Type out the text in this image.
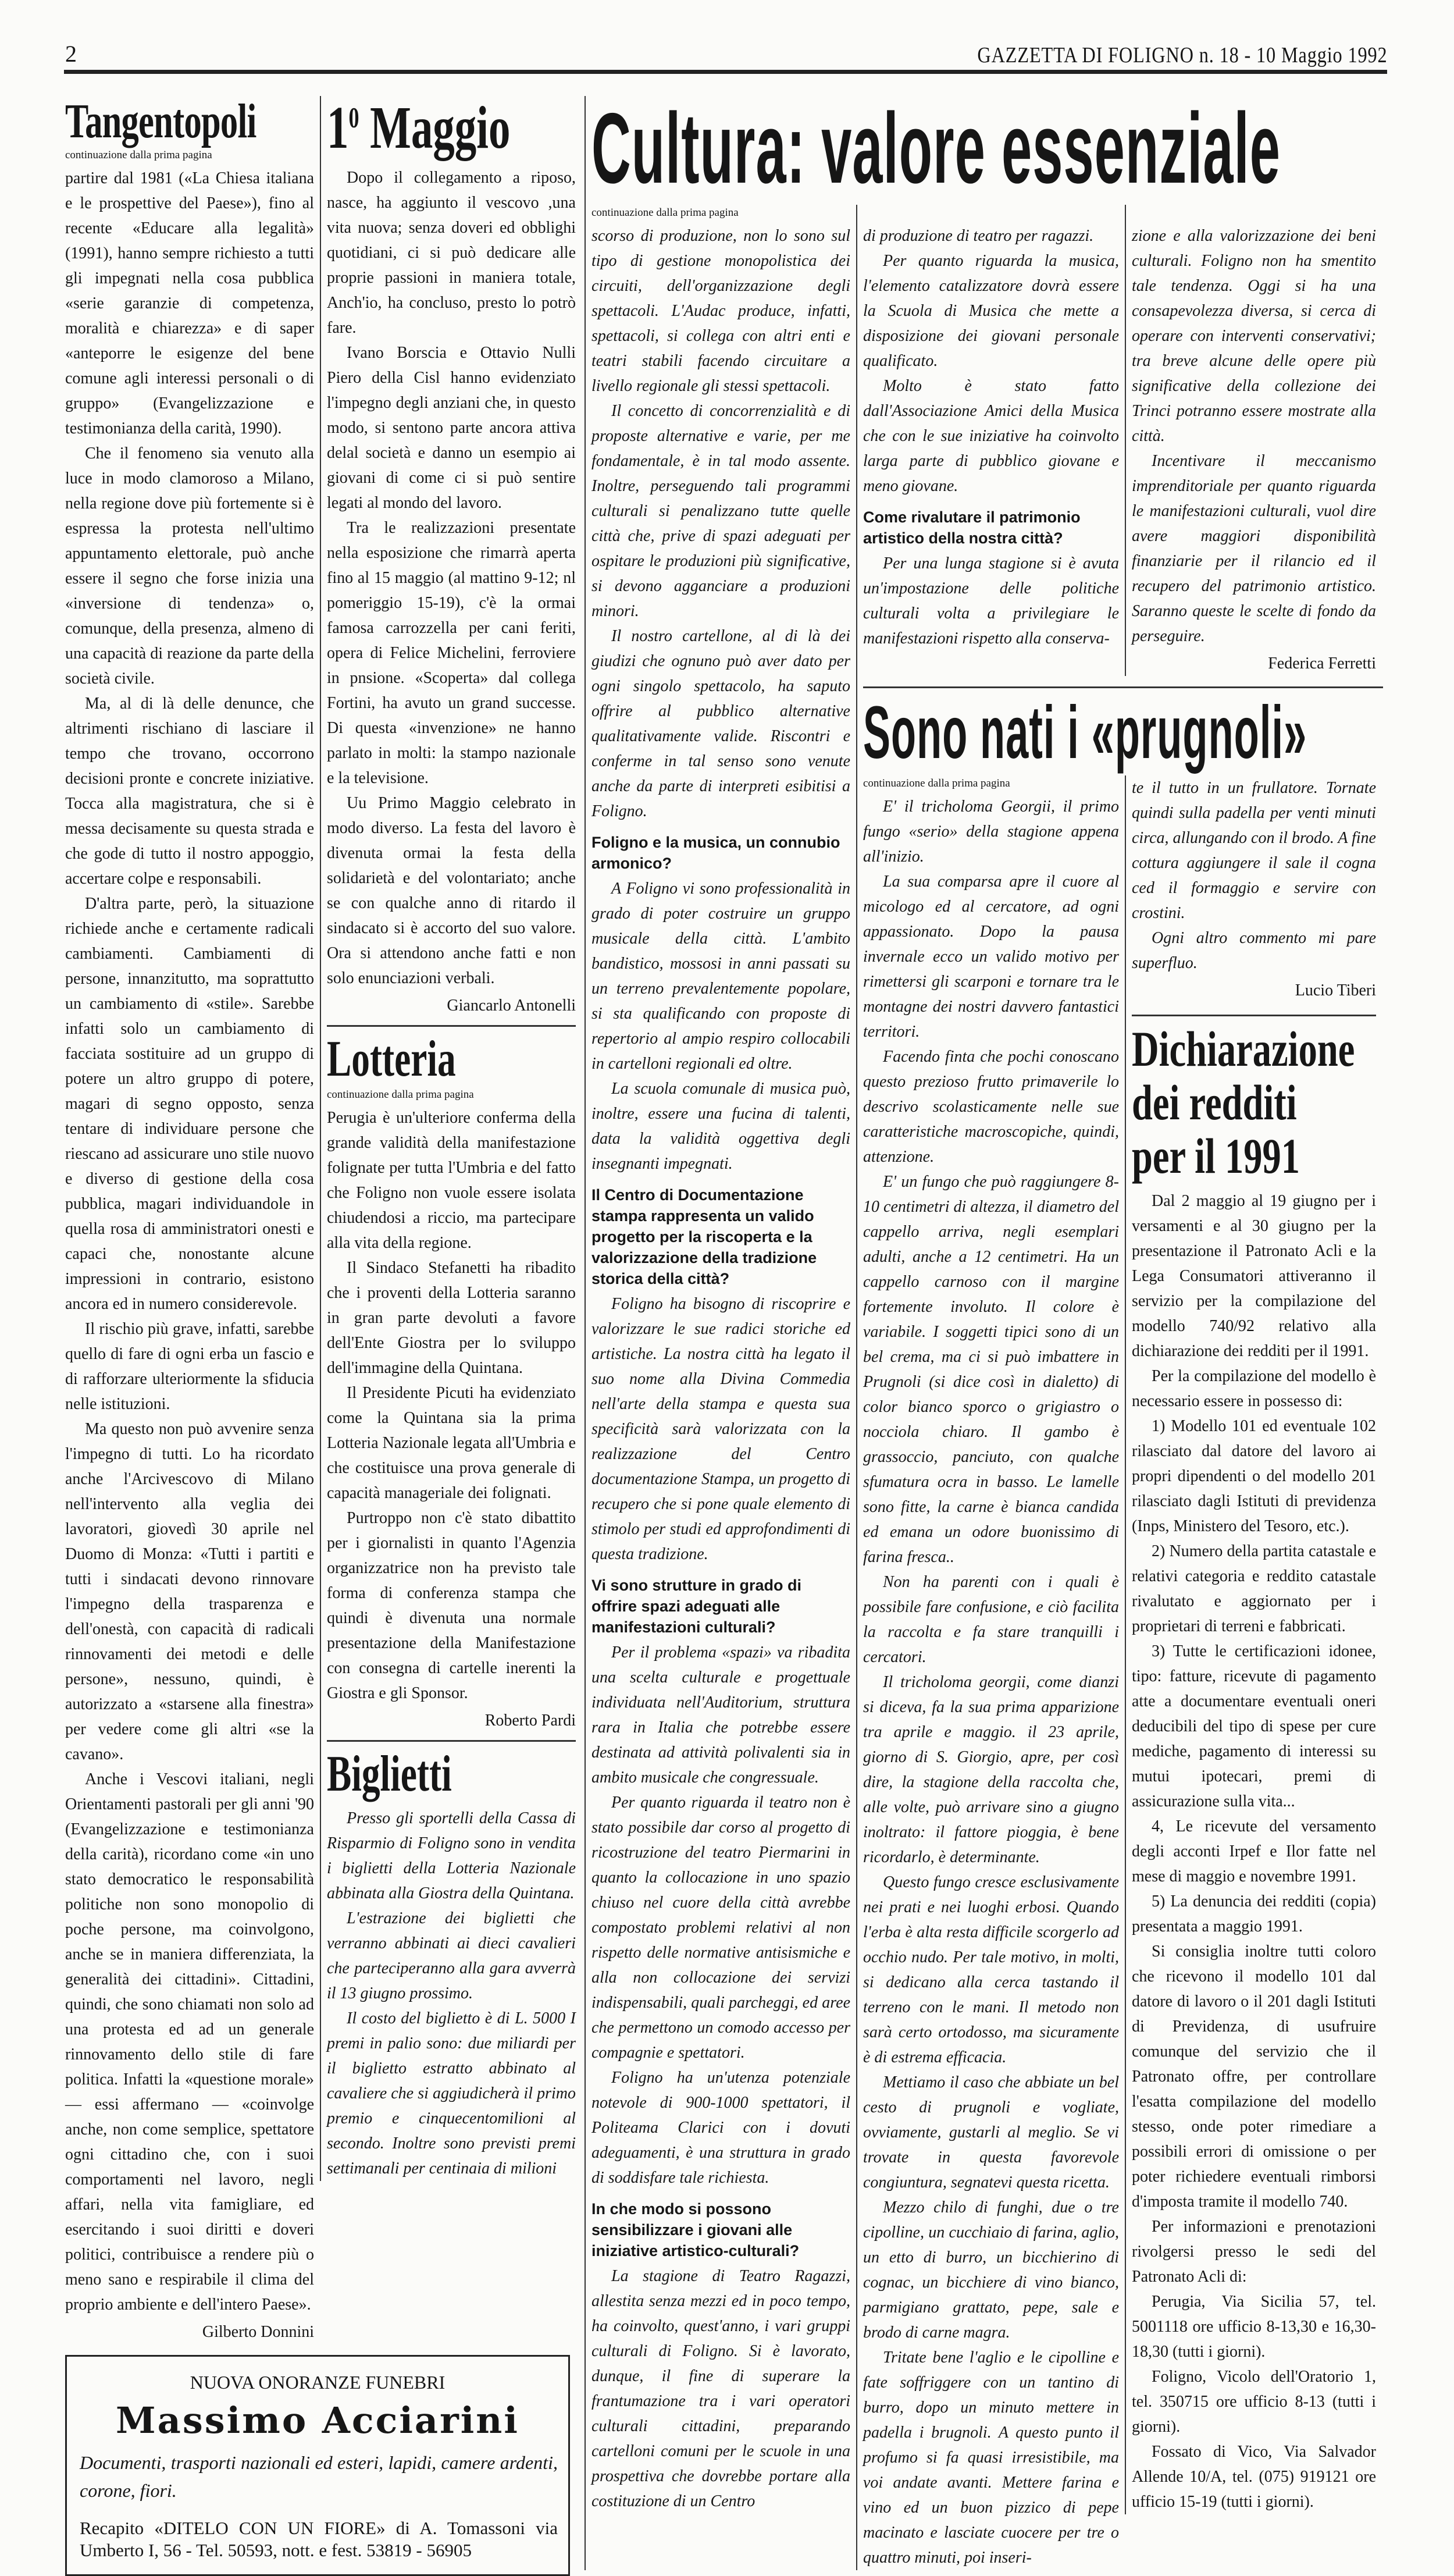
2	GAZZETTA DI FOLIGNO n. 18 - 10 Maggio 1992
Tangentopoli

continuazione dalla prima pagina

partire dal 1981 («La Chiesa italiana e le prospettive del Paese»), fino al recente «Educare alla legalità» (1991), hanno sempre richiesto a tutti gli impegnati nella cosa pubblica «serie garanzie di competenza, moralità e chiarezza» e di saper «anteporre le esigenze del bene comune agli interessi personali o di gruppo» (Evangelizzazione e testimonianza della carità, 1990).

Che il fenomeno sia venuto alla luce in modo clamoroso a Milano, nella regione dove più fortemente si è espressa la protesta nell'ultimo appuntamento elettorale, può anche essere il segno che forse inizia una «inversione di tendenza» o, comunque, della presenza, almeno di una capacità di reazione da parte della società civile.

Ma, al di là delle denunce, che altrimenti rischiano di lasciare il tempo che trovano, occorrono decisioni pronte e concrete iniziative. Tocca alla magistratura, che si è messa decisamente su questa strada e che gode di tutto il nostro appoggio, accertare colpe e responsabili.

D'altra parte, però, la situazione richiede anche e certamente radicali cambiamenti. Cambiamenti di persone, innanzitutto, ma soprattutto un cambiamento di «stile». Sarebbe infatti solo un cambiamento di facciata sostituire ad un gruppo di potere un altro gruppo di potere, magari di segno opposto, senza tentare di individuare persone che riescano ad assicurare uno stile nuovo e diverso di gestione della cosa pubblica, magari individuandole in quella rosa di amministratori onesti e capaci che, nonostante alcune impressioni in contrario, esistono ancora ed in numero considerevole.

Il rischio più grave, infatti, sarebbe quello di fare di ogni erba un fascio e di rafforzare ulteriormente la sfiducia nelle istituzioni.

Ma questo non può avvenire senza l'impegno di tutti. Lo ha ricordato anche l'Arcivescovo di Milano nell'intervento alla veglia dei lavoratori, giovedì 30 aprile nel Duomo di Monza: «Tutti i partiti e tutti i sindacati devono rinnovare l'impegno della trasparenza e dell'onestà, con capacità di radicali rinnovamenti dei metodi e delle persone», nessuno, quindi, è autorizzato a «starsene alla finestra» per vedere come gli altri «se la cavano».

Anche i Vescovi italiani, negli Orientamenti pastorali per gli anni '90 (Evangelizzazione e testimonianza della carità), ricordano come «in uno stato democratico le responsabilità politiche non sono monopolio di poche persone, ma coinvolgono, anche se in maniera differenziata, la generalità dei cittadini». Cittadini, quindi, che sono chiamati non solo ad una protesta ed ad un generale rinnovamento dello stile di fare politica. Infatti la «questione morale» — essi affermano — «coinvolge anche, non come semplice, spettatore ogni cittadino che, con i suoi comportamenti nel lavoro, negli affari, nella vita famigliare, ed esercitando i suoi diritti e doveri politici, contribuisce a rendere più o meno sano e respirabile il clima del proprio ambiente e dell'intero Paese».

Gilberto Donnini

$1^0$ Maggio

Dopo il collegamento a riposo, nasce, ha aggiunto il vescovo ,una vita nuova; senza doveri ed obblighi quotidiani, ci si può dedicare alle proprie passioni in maniera totale, Anch'io, ha concluso, presto lo potrò fare.

Ivano Borscia e Ottavio Nulli Piero della Cisl hanno evidenziato l'impegno degli anziani che, in questo modo, si sentono parte ancora attiva delal società e danno un esempio ai giovani di come ci si può sentire legati al mondo del lavoro.

Tra le realizzazioni presentate nella esposizione che rimarrà aperta fino al 15 maggio (al mattino 9-12; nl pomeriggio 15-19), c'è la ormai famosa carrozzella per cani feriti, opera di Felice Michelini, ferroviere in pnsione. «Scoperta» dal collega Fortini, ha avuto un grand successe. Di questa «invenzione» ne hanno parlato in molti: la stampo nazionale e la televisione.

Uu Primo Maggio celebrato in modo diverso. La festa del lavoro è divenuta ormai la festa della solidarietà e del volontariato; anche se con qualche anno di ritardo il sindacato si è accorto del suo valore. Ora si attendono anche fatti e non solo enunciazioni verbali.

Giancarlo Antonelli

Lotteria

continuazione dalla prima pagina

Perugia è un'ulteriore conferma della grande validità della manifestazione folignate per tutta l'Umbria e del fatto che Foligno non vuole essere isolata chiudendosi a riccio, ma partecipare alla vita della regione.

Il Sindaco Stefanetti ha ribadito che i proventi della Lotteria saranno in gran parte devoluti a favore dell'Ente Giostra per lo sviluppo dell'immagine della Quintana.

Il Presidente Picuti ha evidenziato come la Quintana sia la prima Lotteria Nazionale legata all'Umbria e che costituisce una prova generale di capacità manageriale dei folignati.

Purtroppo non c'è stato dibattito per i giornalisti in quanto l'Agenzia organizzatrice non ha previsto tale forma di conferenza stampa che quindi è divenuta una normale presentazione della Manifestazione con consegna di cartelle inerenti la Giostra e gli Sponsor.

Roberto Pardi

Biglietti

Presso gli sportelli della Cassa di Risparmio di Foligno sono in vendita i biglietti della Lotteria Nazionale abbinata alla Giostra della Quintana.

L'estrazione dei biglietti che verranno abbinati ai dieci cavalieri che parteciperanno alla gara avverrà il 13 giugno prossimo.

Il costo del biglietto è di L. 5000 I premi in palio sono: due miliardi per il biglietto estratto abbinato al cavaliere che si aggiudicherà il primo premio e cinquecentomilioni al secondo. Inoltre sono previsti premi settimanali per centinaia di milioni

NUOVA ONORANZE FUNEBRI
Massimo Acciarini
Documenti, trasporti nazionali ed esteri, lapidi, camere ardenti, corone, fiori.
Recapito «DITELO CON UN FIORE» di A. Tomassoni via Umberto I, 56 - Tel. 50593, nott. e fest. 53819 - 56905
Cultura: valore essenziale

continuazione dalla prima pagina

scorso di produzione, non lo sono sul tipo di gestione monopolistica dei circuiti, dell'organizzazione degli spettacoli. L'Audac produce, infatti, spettacoli, si collega con altri enti e teatri stabili facendo circuitare a livello regionale gli stessi spettacoli.

Il concetto di concorrenzialità e di proposte alternative e varie, per me fondamentale, è in tal modo assente. Inoltre, perseguendo tali programmi culturali si penalizzano tutte quelle città che, prive di spazi adeguati per ospitare le produzioni più significative, si devono agganciare a produzioni minori.

Il nostro cartellone, al di là dei giudizi che ognuno può aver dato per ogni singolo spettacolo, ha saputo offrire al pubblico alternative qualitativamente valide. Riscontri e conferme in tal senso sono venute anche da parte di interpreti esibitisi a Foligno.

Foligno e la musica, un connubio armonico?

A Foligno vi sono professionalità in grado di poter costruire un gruppo musicale della città. L'ambito bandistico, mossosi in anni passati su un terreno prevalentemente popolare, si sta qualificando con proposte di repertorio al ampio respiro collocabili in cartelloni regionali ed oltre.

La scuola comunale di musica può, inoltre, essere una fucina di talenti, data la validità oggettiva degli insegnanti impegnati.

Il Centro di Documentazione stampa rappresenta un valido progetto per la riscoperta e la valorizzazione della tradizione storica della città?

Foligno ha bisogno di riscoprire e valorizzare le sue radici storiche ed artistiche. La nostra città ha legato il suo nome alla Divina Commedia nell'arte della stampa e questa sua specificità sarà valorizzata con la realizzazione del Centro documentazione Stampa, un progetto di recupero che si pone quale elemento di stimolo per studi ed approfondimenti di questa tradizione.

Vi sono strutture in grado di offrire spazi adeguati alle manifestazioni culturali?

Per il problema «spazi» va ribadita una scelta culturale e progettuale individuata nell'Auditorium, struttura rara in Italia che potrebbe essere destinata ad attività polivalenti sia in ambito musicale che congressuale.

Per quanto riguarda il teatro non è stato possibile dar corso al progetto di ricostruzione del teatro Piermarini in quanto la collocazione in uno spazio chiuso nel cuore della città avrebbe compostato problemi relativi al non rispetto delle normative antisismiche e alla non collocazione dei servizi indispensabili, quali parcheggi, ed aree che permettono un comodo accesso per compagnie e spettatori.

Foligno ha un'utenza potenziale notevole di 900-1000 spettatori, il Politeama Clarici con i dovuti adeguamenti, è una struttura in grado di soddisfare tale richiesta.

In che modo si possono sensibilizzare i giovani alle iniziative artistico-culturali?

La stagione di Teatro Ragazzi, allestita senza mezzi ed in poco tempo, ha coinvolto, quest'anno, i vari gruppi culturali di Foligno. Si è lavorato, dunque, il fine di superare la frantumazione tra i vari operatori culturali cittadini, preparando cartelloni comuni per le scuole in una prospettiva che dovrebbe portare alla costituzione di un Centro

di produzione di teatro per ragazzi.

Per quanto riguarda la musica, l'elemento catalizzatore dovrà essere la Scuola di Musica che mette a disposizione dei giovani personale qualificato.

Molto è stato fatto dall'Associazione Amici della Musica che con le sue iniziative ha coinvolto larga parte di pubblico giovane e meno giovane.

Come rivalutare il patrimonio artistico della nostra città?

Per una lunga stagione si è avuta un'impostazione delle politiche culturali volta a privilegiare le manifestazioni rispetto alla conserva-

zione e alla valorizzazione dei beni culturali. Foligno non ha smentito tale tendenza. Oggi si ha una consapevolezza diversa, si cerca di operare con interventi conservativi; tra breve alcune delle opere più significative della collezione dei Trinci potranno essere mostrate alla città.

Incentivare il meccanismo imprenditoriale per quanto riguarda le manifestazioni culturali, vuol dire avere maggiori disponibilità finanziarie per il rilancio ed il recupero del patrimonio artistico. Saranno queste le scelte di fondo da perseguire.

Federica Ferretti

Sono nati i «prugnoli»

continuazione dalla prima pagina

E' il tricholoma Georgii, il primo fungo «serio» della stagione appena all'inizio.

La sua comparsa apre il cuore al micologo ed al cercatore, ad ogni appassionato. Dopo la pausa invernale ecco un valido motivo per rimettersi gli scarponi e tornare tra le montagne dei nostri davvero fantastici territori.

Facendo finta che pochi conoscano questo prezioso frutto primaverile lo descrivo scolasticamente nelle sue caratteristiche macroscopiche, quindi, attenzione.

E' un fungo che può raggiungere 8-10 centimetri di altezza, il diametro del cappello arriva, negli esemplari adulti, anche a 12 centimetri. Ha un cappello carnoso con il margine fortemente involuto. Il colore è variabile. I soggetti tipici sono di un bel crema, ma ci si può imbattere in Prugnoli (si dice così in dialetto) di color bianco sporco o grigiastro o nocciola chiaro. Il gambo è grassoccio, panciuto, con qualche sfumatura ocra in basso. Le lamelle sono fitte, la carne è bianca candida ed emana un odore buonissimo di farina fresca..

Non ha parenti con i quali è possibile fare confusione, e ciò facilita la raccolta e fa stare tranquilli i cercatori.

Il tricholoma georgii, come dianzi si diceva, fa la sua prima apparizione tra aprile e maggio. il 23 aprile, giorno di S. Giorgio, apre, per così dire, la stagione della raccolta che, alle volte, può arrivare sino a giugno inoltrato: il fattore pioggia, è bene ricordarlo, è determinante.

Questo fungo cresce esclusivamente nei prati e nei luoghi erbosi. Quando l'erba è alta resta difficile scorgerlo ad occhio nudo. Per tale motivo, in molti, si dedicano alla cerca tastando il terreno con le mani. Il metodo non sarà certo ortodosso, ma sicuramente è di estrema efficacia.

Mettiamo il caso che abbiate un bel cesto di prugnoli e vogliate, ovviamente, gustarli al meglio. Se vi trovate in questa favorevole congiuntura, segnatevi questa ricetta.

Mezzo chilo di funghi, due o tre cipolline, un cucchiaio di farina, aglio, un etto di burro, un bicchierino di cognac, un bicchiere di vino bianco, parmigiano grattato, pepe, sale e brodo di carne magra.

Tritate bene l'aglio e le cipolline e fate soffriggere con un tantino di burro, dopo un minuto mettere in padella i brugnoli. A questo punto il profumo si fa quasi irresistibile, ma voi andate avanti. Mettere farina e vino ed un buon pizzico di pepe macinato e lasciate cuocere per tre o quattro minuti, poi inseri-

te il tutto in un frullatore. Tornate quindi sulla padella per venti minuti circa, allungando con il brodo. A fine cottura aggiungere il sale il cogna ced il formaggio e servire con crostini.

Ogni altro commento mi pare superfluo.

Lucio Tiberi

Dichiarazione
dei redditi
per il 1991

Dal 2 maggio al 19 giugno per i versamenti e al 30 giugno per la presentazione il Patronato Acli e la Lega Consumatori attiveranno il servizio per la compilazione del modello 740/92 relativo alla dichiarazione dei redditi per il 1991.

Per la compilazione del modello è necessario essere in possesso di:

1) Modello 101 ed eventuale 102 rilasciato dal datore del lavoro ai propri dipendenti o del modello 201 rilasciato dagli Istituti di previdenza (Inps, Ministero del Tesoro, etc.).

2) Numero della partita catastale e relativi categoria e reddito catastale rivalutato e aggiornato per i proprietari di terreni e fabbricati.

3) Tutte le certificazioni idonee, tipo: fatture, ricevute di pagamento atte a documentare eventuali oneri deducibili del tipo di spese per cure mediche, pagamento di interessi su mutui ipotecari, premi di assicurazione sulla vita...

4, Le ricevute del versamento degli acconti Irpef e Ilor fatte nel mese di maggio e novembre 1991.

5) La denuncia dei redditi (copia) presentata a maggio 1991.

Si consiglia inoltre tutti coloro che ricevono il modello 101 dal datore di lavoro o il 201 dagli Istituti di Previdenza, di usufruire comunque del servizio che il Patronato offre, per controllare l'esatta compilazione del modello stesso, onde poter rimediare a possibili errori di omissione o per poter richiedere eventuali rimborsi d'imposta tramite il modello 740.

Per informazioni e prenotazioni rivolgersi presso le sedi del Patronato Acli di:

Perugia, Via Sicilia 57, tel. 5001118 ore ufficio 8-13,30 e 16,30-18,30 (tutti i giorni).

Foligno, Vicolo dell'Oratorio 1, tel. 350715 ore ufficio 8-13 (tutti i giorni).

Fossato di Vico, Via Salvador Allende 10/A, tel. (075) 919121 ore ufficio 15-19 (tutti i giorni).
